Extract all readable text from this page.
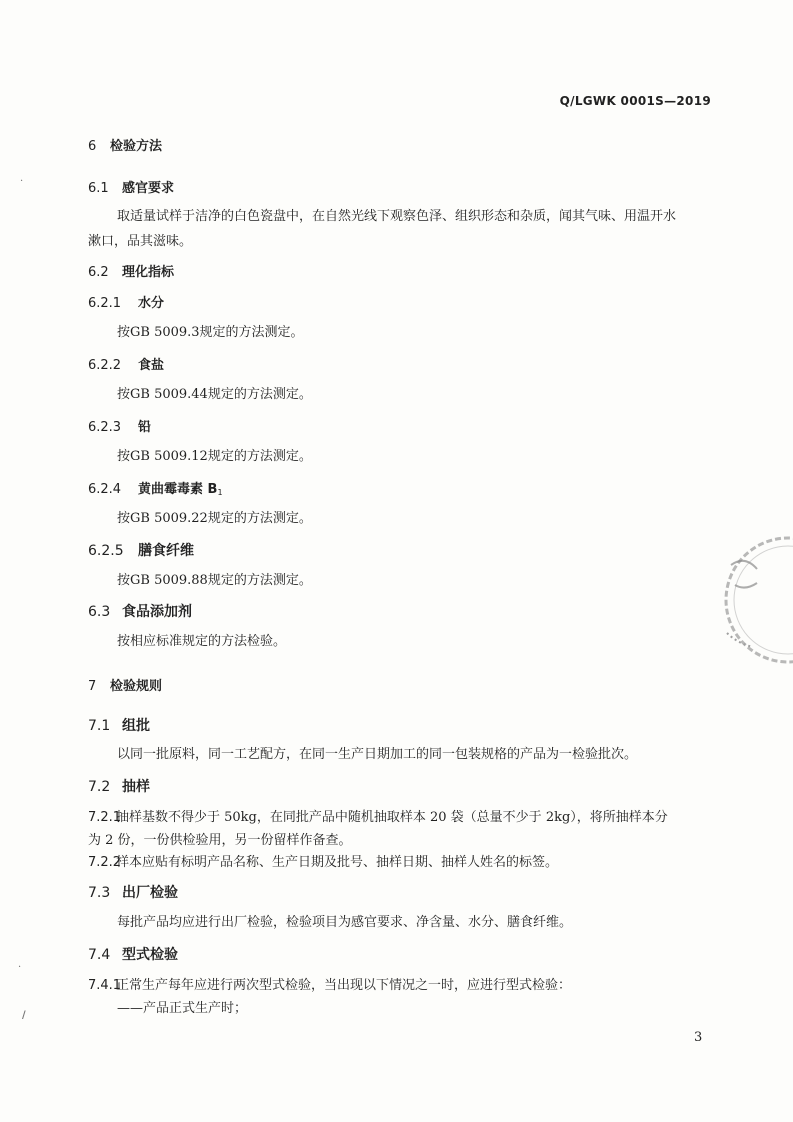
Q/LGWK 0001S—2019
6 检验方法
6.1 感官要求
取适量试样于洁净的白色瓷盘中，在自然光线下观察色泽、组织形态和杂质，闻其气味、用温开水
漱口，品其滋味。
6.2 理化指标
6.2.1 水分
按GB 5009.3规定的方法测定。
6.2.2 食盐
按GB 5009.44规定的方法测定。
6.2.3 铅
按GB 5009.12规定的方法测定。
6.2.4 黄曲霉毒素 $B_1$
按GB 5009.22规定的方法测定。
6.2.5 膳食纤维
按GB 5009.88规定的方法测定。
6.3 食品添加剂
按相应标准规定的方法检验。
7 检验规则
7.1 组批
以同一批原料，同一工艺配方，在同一生产日期加工的同一包装规格的产品为一检验批次。
7.2 抽样
7.2.1抽样基数不得少于 50kg，在同批产品中随机抽取样本 20 袋（总量不少于 2kg），将所抽样本分
为 2 份，一份供检验用，另一份留样作备查。
7.2.2样本应贴有标明产品名称、生产日期及批号、抽样日期、抽样人姓名的标签。
7.3 出厂检验
每批产品均应进行出厂检验，检验项目为感官要求、净含量、水分、膳食纤维。
7.4 型式检验
7.4.1正常生产每年应进行两次型式检验，当出现以下情况之一时，应进行型式检验：
——产品正式生产时；
3
·
·
/
